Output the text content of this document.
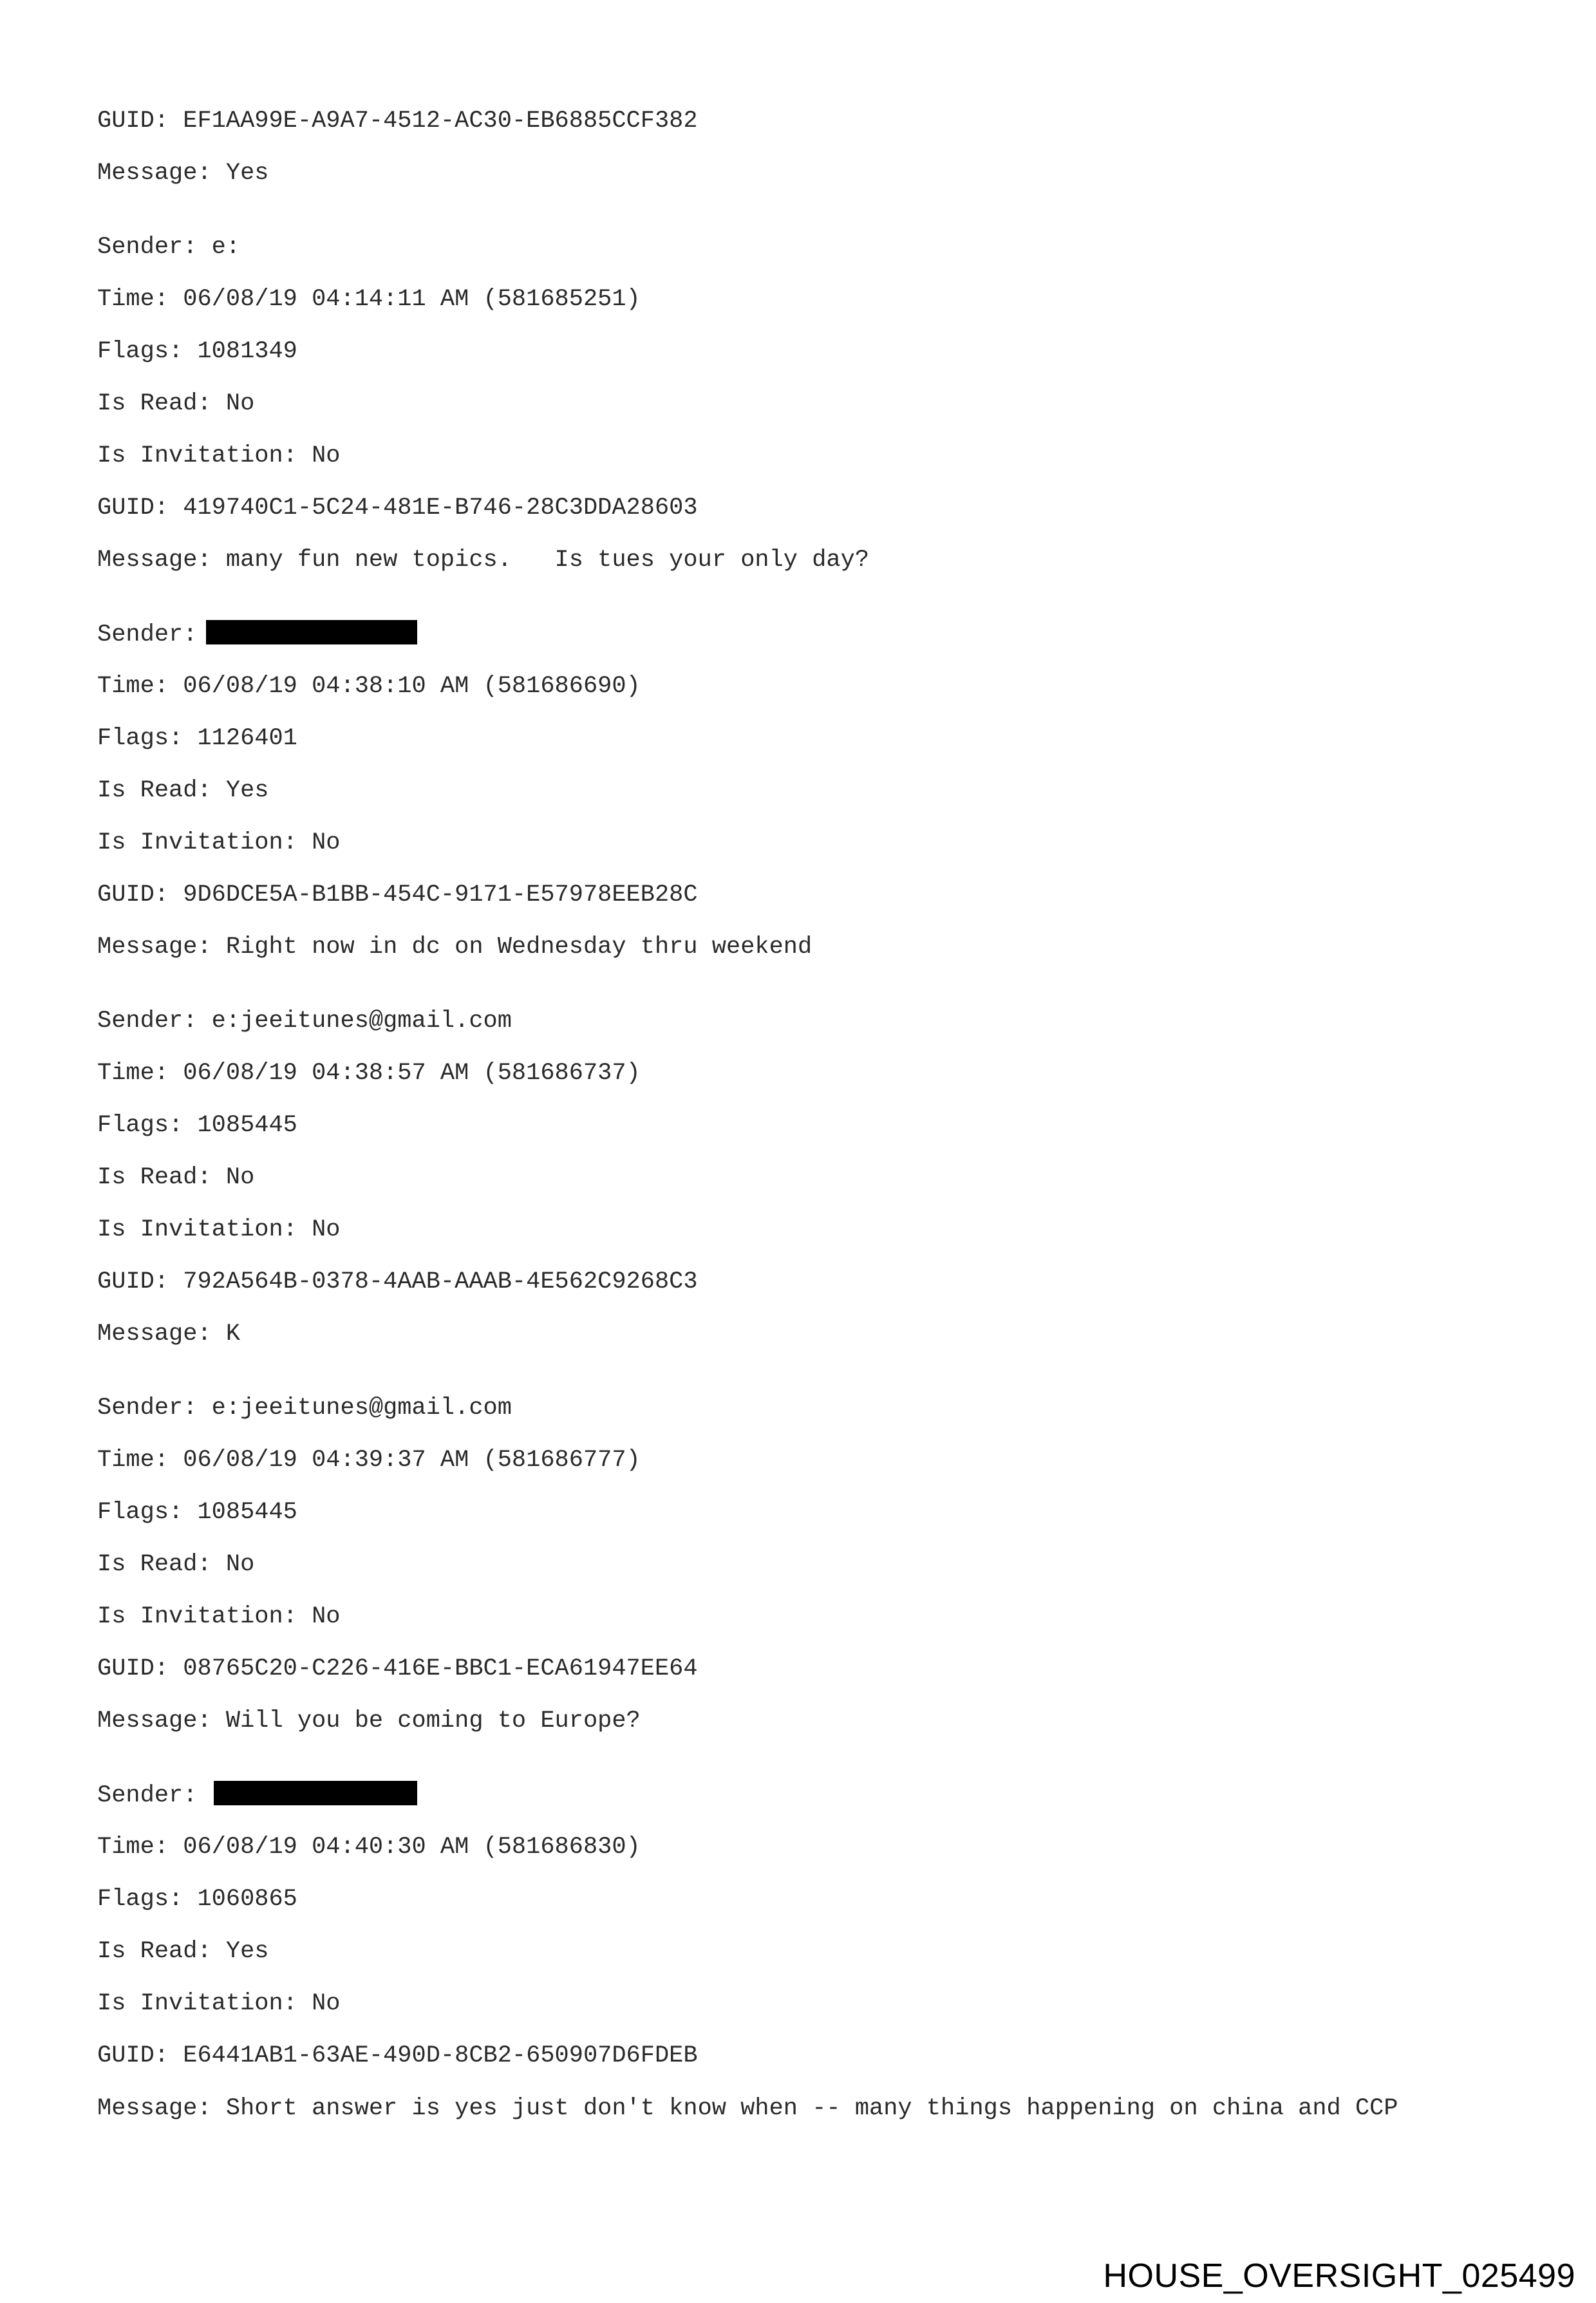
GUID: EF1AA99E-A9A7-4512-AC30-EB6885CCF382
Message: Yes
Sender: e:
Time: 06/08/19 04:14:11 AM (581685251)
Flags: 1081349
Is Read: No
Is Invitation: No
GUID: 419740C1-5C24-481E-B746-28C3DDA28603
Message: many fun new topics.   Is tues your only day?
Sender:
Time: 06/08/19 04:38:10 AM (581686690)
Flags: 1126401
Is Read: Yes
Is Invitation: No
GUID: 9D6DCE5A-B1BB-454C-9171-E57978EEB28C
Message: Right now in dc on Wednesday thru weekend
Sender: e:jeeitunes@gmail.com
Time: 06/08/19 04:38:57 AM (581686737)
Flags: 1085445
Is Read: No
Is Invitation: No
GUID: 792A564B-0378-4AAB-AAAB-4E562C9268C3
Message: K
Sender: e:jeeitunes@gmail.com
Time: 06/08/19 04:39:37 AM (581686777)
Flags: 1085445
Is Read: No
Is Invitation: No
GUID: 08765C20-C226-416E-BBC1-ECA61947EE64
Message: Will you be coming to Europe?
Sender:
Time: 06/08/19 04:40:30 AM (581686830)
Flags: 1060865
Is Read: Yes
Is Invitation: No
GUID: E6441AB1-63AE-490D-8CB2-650907D6FDEB
Message: Short answer is yes just don't know when -- many things happening on china and CCP
HOUSE_OVERSIGHT_025499
